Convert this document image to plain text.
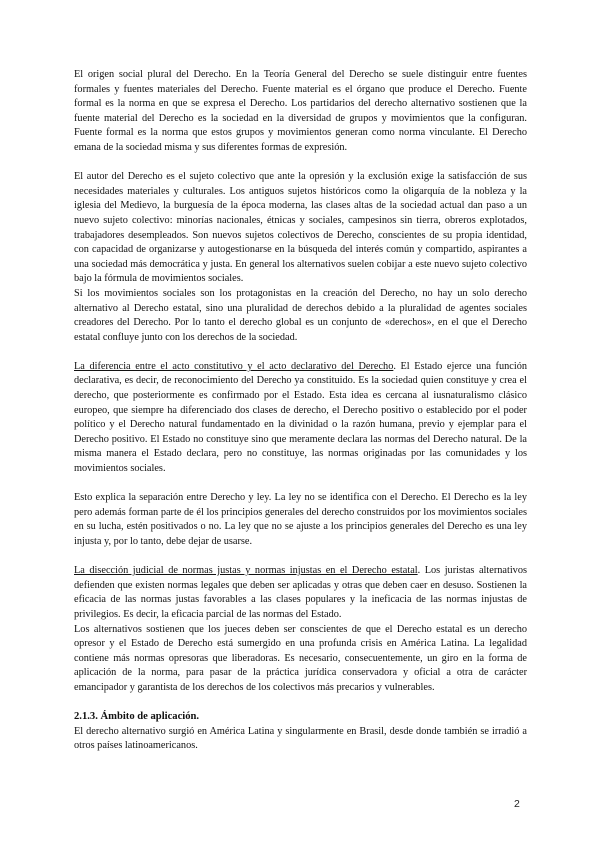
El origen social plural del Derecho. En la Teoría General del Derecho se suele distinguir entre fuentes formales y fuentes materiales del Derecho. Fuente material es el órgano que produce el Derecho. Fuente formal es la norma en que se expresa el Derecho. Los partidarios del derecho alternativo sostienen que la fuente material del Derecho es la sociedad en la diversidad de grupos y movimientos que la configuran. Fuente formal es la norma que estos grupos y movimientos generan como norma vinculante. El Derecho emana de la sociedad misma y sus diferentes formas de expresión.

El autor del Derecho es el sujeto colectivo que ante la opresión y la exclusión exige la satisfacción de sus necesidades materiales y culturales. Los antiguos sujetos históricos como la oligarquía de la nobleza y la iglesia del Medievo, la burguesía de la época moderna, las clases altas de la sociedad actual dan paso a un nuevo sujeto colectivo: minorías nacionales, étnicas y sociales, campesinos sin tierra, obreros explotados, trabajadores desempleados. Son nuevos sujetos colectivos de Derecho, conscientes de su propia identidad, con capacidad de organizarse y autogestionarse en la búsqueda del interés común y compartido, aspirantes a una sociedad más democrática y justa. En general los alternativos suelen cobijar a este nuevo sujeto colectivo bajo la fórmula de movimientos sociales.

Si los movimientos sociales son los protagonistas en la creación del Derecho, no hay un solo derecho alternativo al Derecho estatal, sino una pluralidad de derechos debido a la pluralidad de agentes sociales creadores del Derecho. Por lo tanto el derecho global es un conjunto de «derechos», en el que el Derecho estatal confluye junto con los derechos de la sociedad.

La diferencia entre el acto constitutivo y el acto declarativo del Derecho. El Estado ejerce una función declarativa, es decir, de reconocimiento del Derecho ya constituido. Es la sociedad quien constituye y crea el derecho, que posteriormente es confirmado por el Estado. Esta idea es cercana al iusnaturalismo clásico europeo, que siempre ha diferenciado dos clases de derecho, el Derecho positivo o establecido por el poder político y el Derecho natural fundamentado en la divinidad o la razón humana, previo y ejemplar para el Derecho positivo. El Estado no constituye sino que meramente declara las normas del Derecho natural. De la misma manera el Estado declara, pero no constituye, las normas originadas por las comunidades y los movimientos sociales.

Esto explica la separación entre Derecho y ley. La ley no se identifica con el Derecho. El Derecho es la ley pero además forman parte de él los principios generales del derecho construidos por los movimientos sociales en su lucha, estén positivados o no. La ley que no se ajuste a los principios generales del Derecho es una ley injusta y, por lo tanto, debe dejar de usarse.

La disección judicial de normas justas y normas injustas en el Derecho estatal. Los juristas alternativos defienden que existen normas legales que deben ser aplicadas y otras que deben caer en desuso. Sostienen la eficacia de las normas justas favorables a las clases populares y la ineficacia de las normas injustas de privilegios. Es decir, la eficacia parcial de las normas del Estado.

Los alternativos sostienen que los jueces deben ser conscientes de que el Derecho estatal es un derecho opresor y el Estado de Derecho está sumergido en una profunda crisis en América Latina. La legalidad contiene más normas opresoras que liberadoras. Es necesario, consecuentemente, un giro en la forma de aplicación de la norma, para pasar de la práctica jurídica conservadora y oficial a otra de carácter emancipador y garantista de los derechos de los colectivos más precarios y vulnerables.

2.1.3. Ámbito de aplicación.

El derecho alternativo surgió en América Latina y singularmente en Brasil, desde donde también se irradió a otros países latinoamericanos.

2
